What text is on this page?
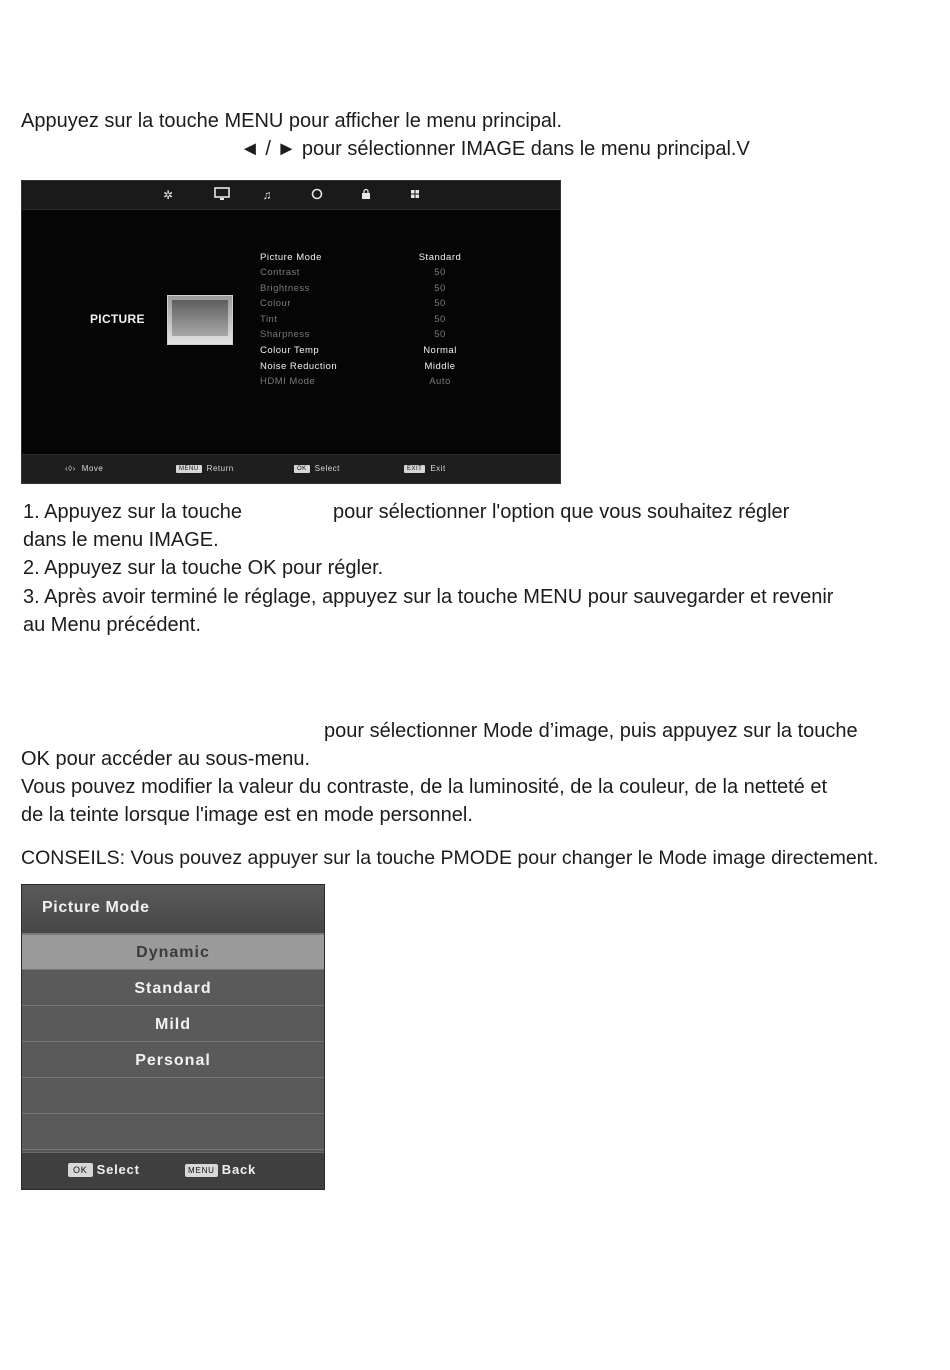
Appuyez sur la touche MENU pour afficher le menu principal.
◄ / ► pour sélectionner IMAGE dans le menu principal.V
✲	♫
PICTURE
Picture Mode	Standard
Contrast	50
Brightness	50
Colour	50
Tint	50
Sharpness	50
Colour Temp	Normal
Noise Reduction	Middle
HDMI Mode	Auto
‹◊› Move	MENU Return	OK Select	EXIT Exit
1. Appuyez sur la touche	pour sélectionner l'option que vous souhaitez régler
dans le menu IMAGE.
2. Appuyez sur la touche OK pour régler.
3. Après avoir terminé le réglage, appuyez sur la touche MENU pour sauvegarder et revenir
au Menu précédent.
pour sélectionner Mode d’image, puis appuyez sur la touche
OK pour accéder au sous-menu.
Vous pouvez modifier la valeur du contraste, de la luminosité, de la couleur, de la netteté et
de la teinte lorsque l'image est en mode personnel.
CONSEILS: Vous pouvez appuyer sur la touche PMODE pour changer le Mode image directement.
Picture Mode
Dynamic
Standard
Mild
Personal
OK Select	MENU Back
